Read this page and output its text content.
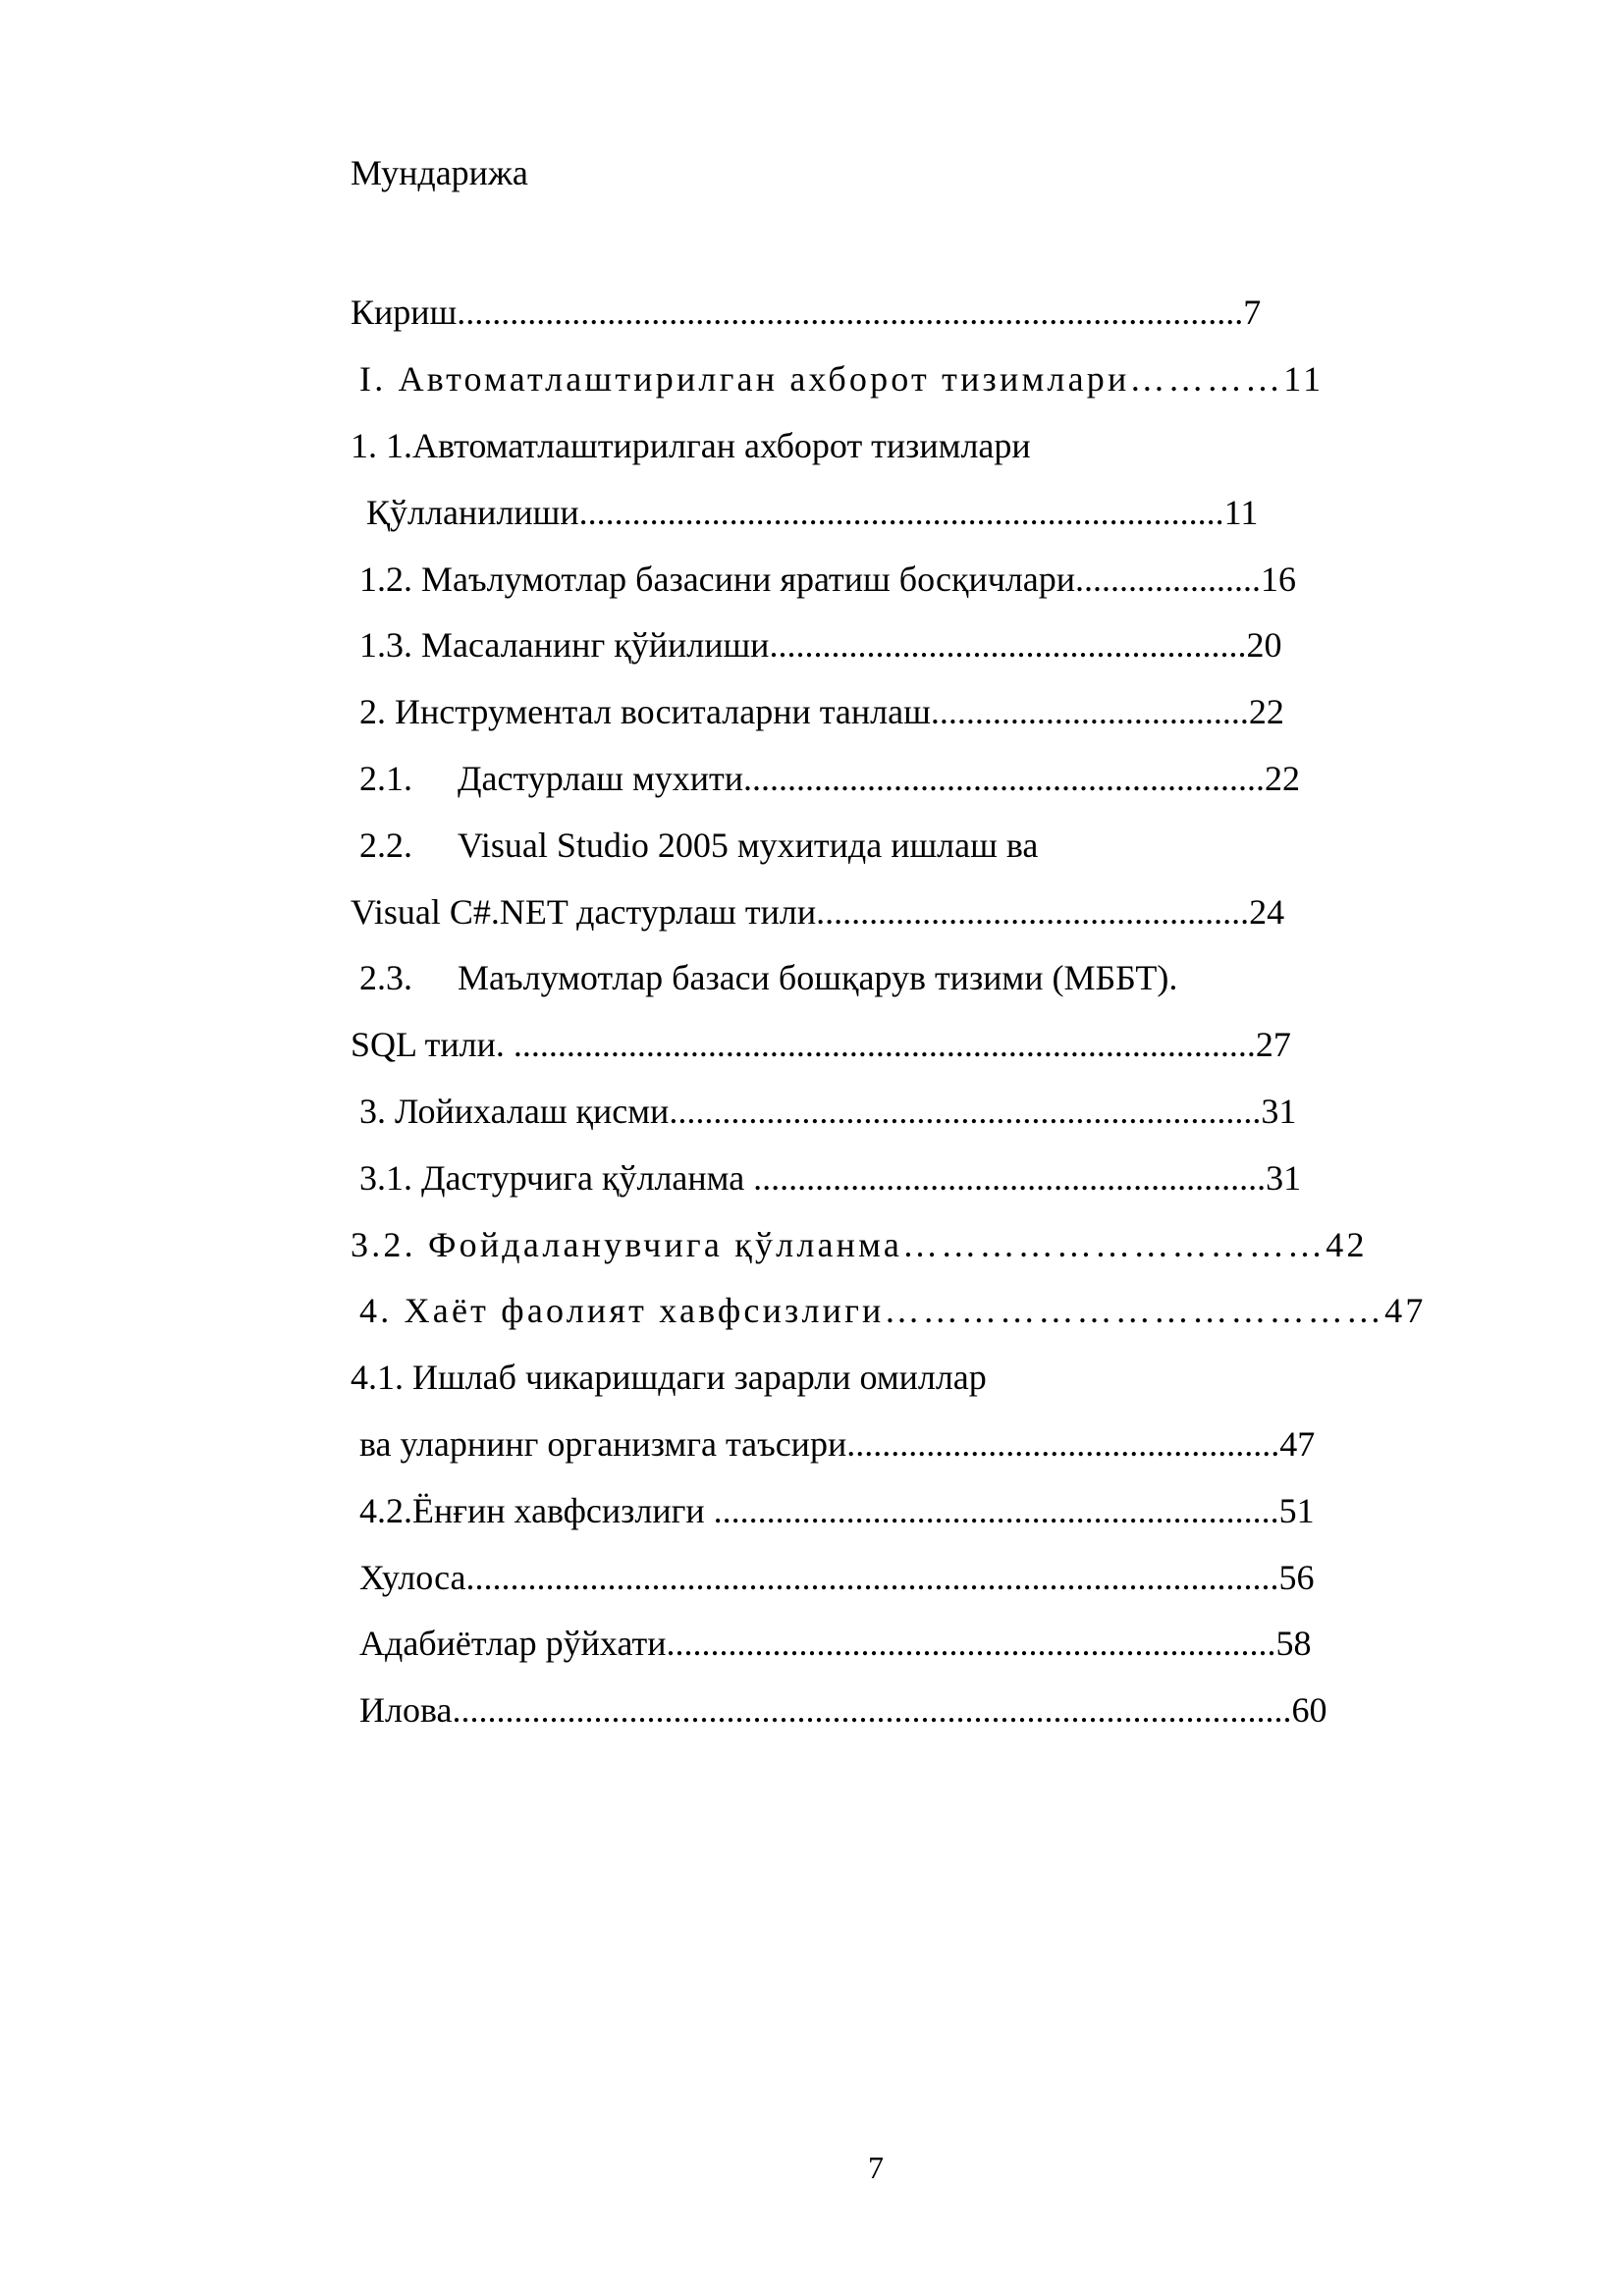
Мундарижа
Кириш.........................................................................................7
I. Автоматлаштирилган ахборот тизимлари…………11
1. 1.Автоматлаштирилган ахборот тизимлари
Қўлланилиши.........................................................................11
1.2. Маълумотлар базасини яратиш босқичлари.....................16
1.3. Масаланинг қўйилиши......................................................20
2. Инструментал воситаларни танлаш....................................22
2.1. Дастурлаш мухити...........................................................22
2.2. Visual Studio 2005 мухитида ишлаш ва
Visual C#.NET дастурлаш тили.................................................24
2.3. Маълумотлар базаси бошқарув тизими (МББТ).
SQL тили. ....................................................................................27
3. Лойихалаш қисми...................................................................31
3.1. Дастурчига қўлланма ..........................................................31
3.2. Фойдаланувчига қўлланма……………………………42
4. Хаёт фаолият хавфсизлиги…………………………………47
4.1. Ишлаб чикаришдаги зарарли омиллар
ва уларнинг организмга таъсири.................................................47
4.2.Ёнғин хавфсизлиги ................................................................51
Хулоса............................................................................................56
Адабиётлар рўйхати.....................................................................58
Илова...............................................................................................60
7
